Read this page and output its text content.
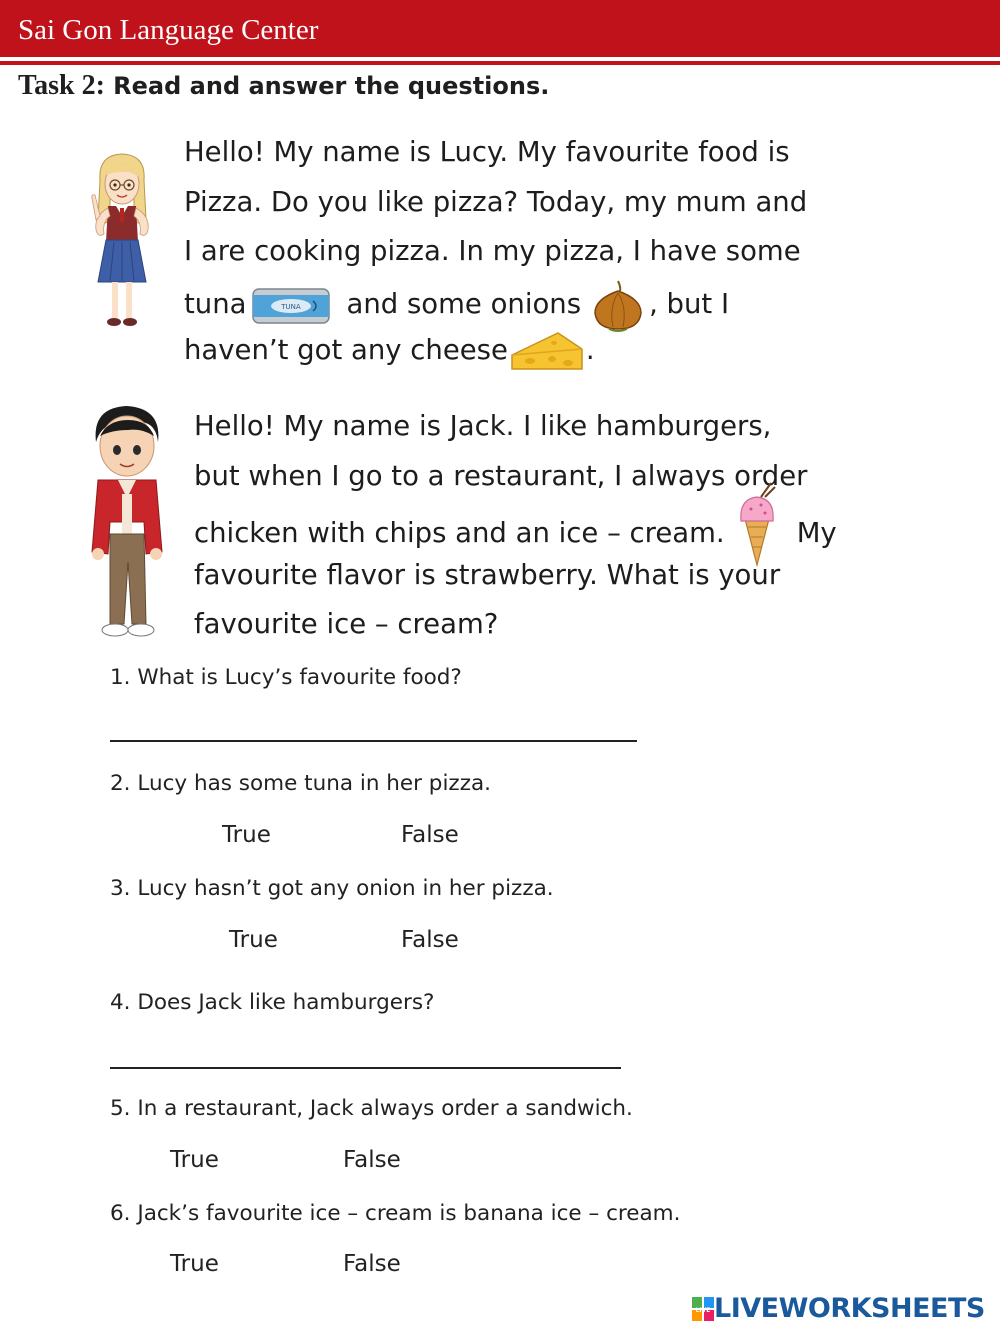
Sai Gon Language Center
Task 2: Read and answer the questions.
Hello! My name is Lucy. My favourite food is
Pizza. Do you like pizza? Today, my mum and
I are cooking pizza. In my pizza, I have some
tuna	TUNA and some onions , but I
haven’t got any cheese	.
Hello! My name is Jack. I like hamburgers,
but when I go to a restaurant, I always order
chicken with chips and an ice – cream.	My
favourite flavor is strawberry. What is your
favourite ice – cream?
1. What is Lucy’s favourite food?
2. Lucy has some tuna in her pizza.
True	False
3. Lucy hasn’t got any onion in her pizza.
True	False
4. Does Jack like hamburgers?
5. In a restaurant, Jack always order a sandwich.
True	False
6. Jack’s favourite ice – cream is banana ice – cream.
True	False
LIVE LIVEWORKSHEETS
